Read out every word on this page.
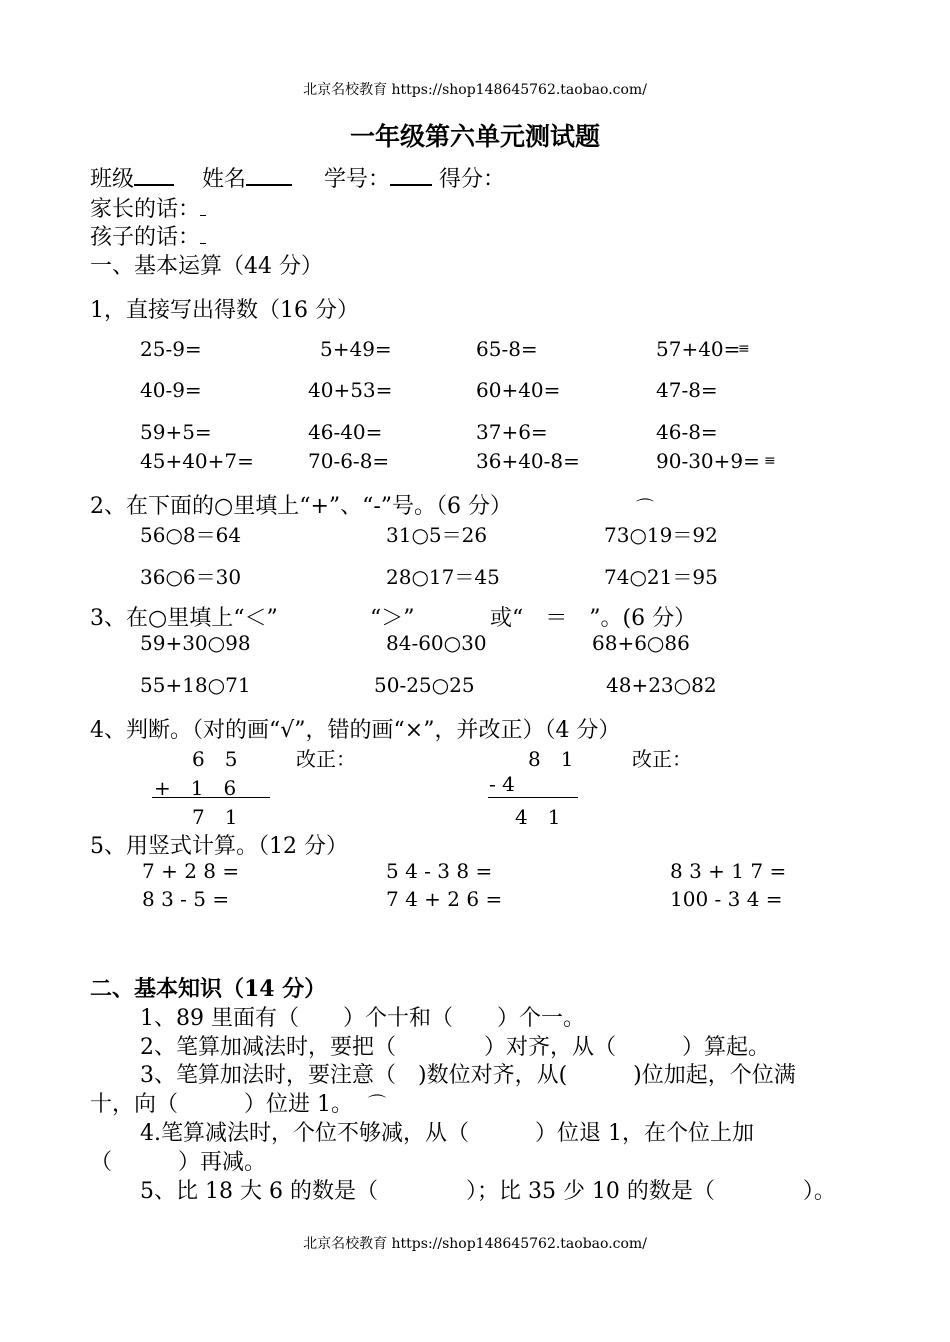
北京名校教育 https://shop148645762.taobao.com/
一年级第六单元测试题
班级	姓名	学号： 得分：
家长的话：
孩子的话：
一、基本运算（44 分）
1，直接写出得数（16 分）
25-9=	5+49=	65-8=	57+40=
≡
40-9=	40+53=	60+40=	47-8=
59+5=	46-40=	37+6=	46-8=
45+40+7=	70-6-8=	36+40-8=	90-30+9= ≡
2、在下面的○里填上“+”、“-”号。（6 分）	⌒
56○8＝64	31○5＝26	73○19＝92
36○6＝30	28○17＝45	74○21＝95
3、在○里填上“＜”	“＞”	或“　＝　”。(6 分）
59+30○98	84-60○30	68+6○86
55+18○71	50-25○25	48+23○82
4、判断。（对的画“√”，错的画“×”，并改正）（4 分）
6　5	改正：
+　1　6
7　1
8　1	改正：
- 4
4　1
5、用竖式计算。（12 分）
7 + 2 8 =	5 4 - 3 8 =	8 3 + 1 7 =
8 3 - 5 =	7 4 + 2 6 =	100 - 3 4 =
二、基本知识（14 分）
1、89 里面有（　　）个十和（　　）个一。
2、笔算加减法时，要把（　　　　）对齐，从（　　　）算起。
3、笔算加法时，要注意（　)数位对齐，从(　　　)位加起，个位满
十，向（　　　）位进 1。 ⌒
4.笔算减法时，个位不够减，从（　　　）位退 1，在个位上加
（　　　）再减。
5、比 18 大 6 的数是（　　　　）；比 35 少 10 的数是（　　　　）。
北京名校教育 https://shop148645762.taobao.com/
